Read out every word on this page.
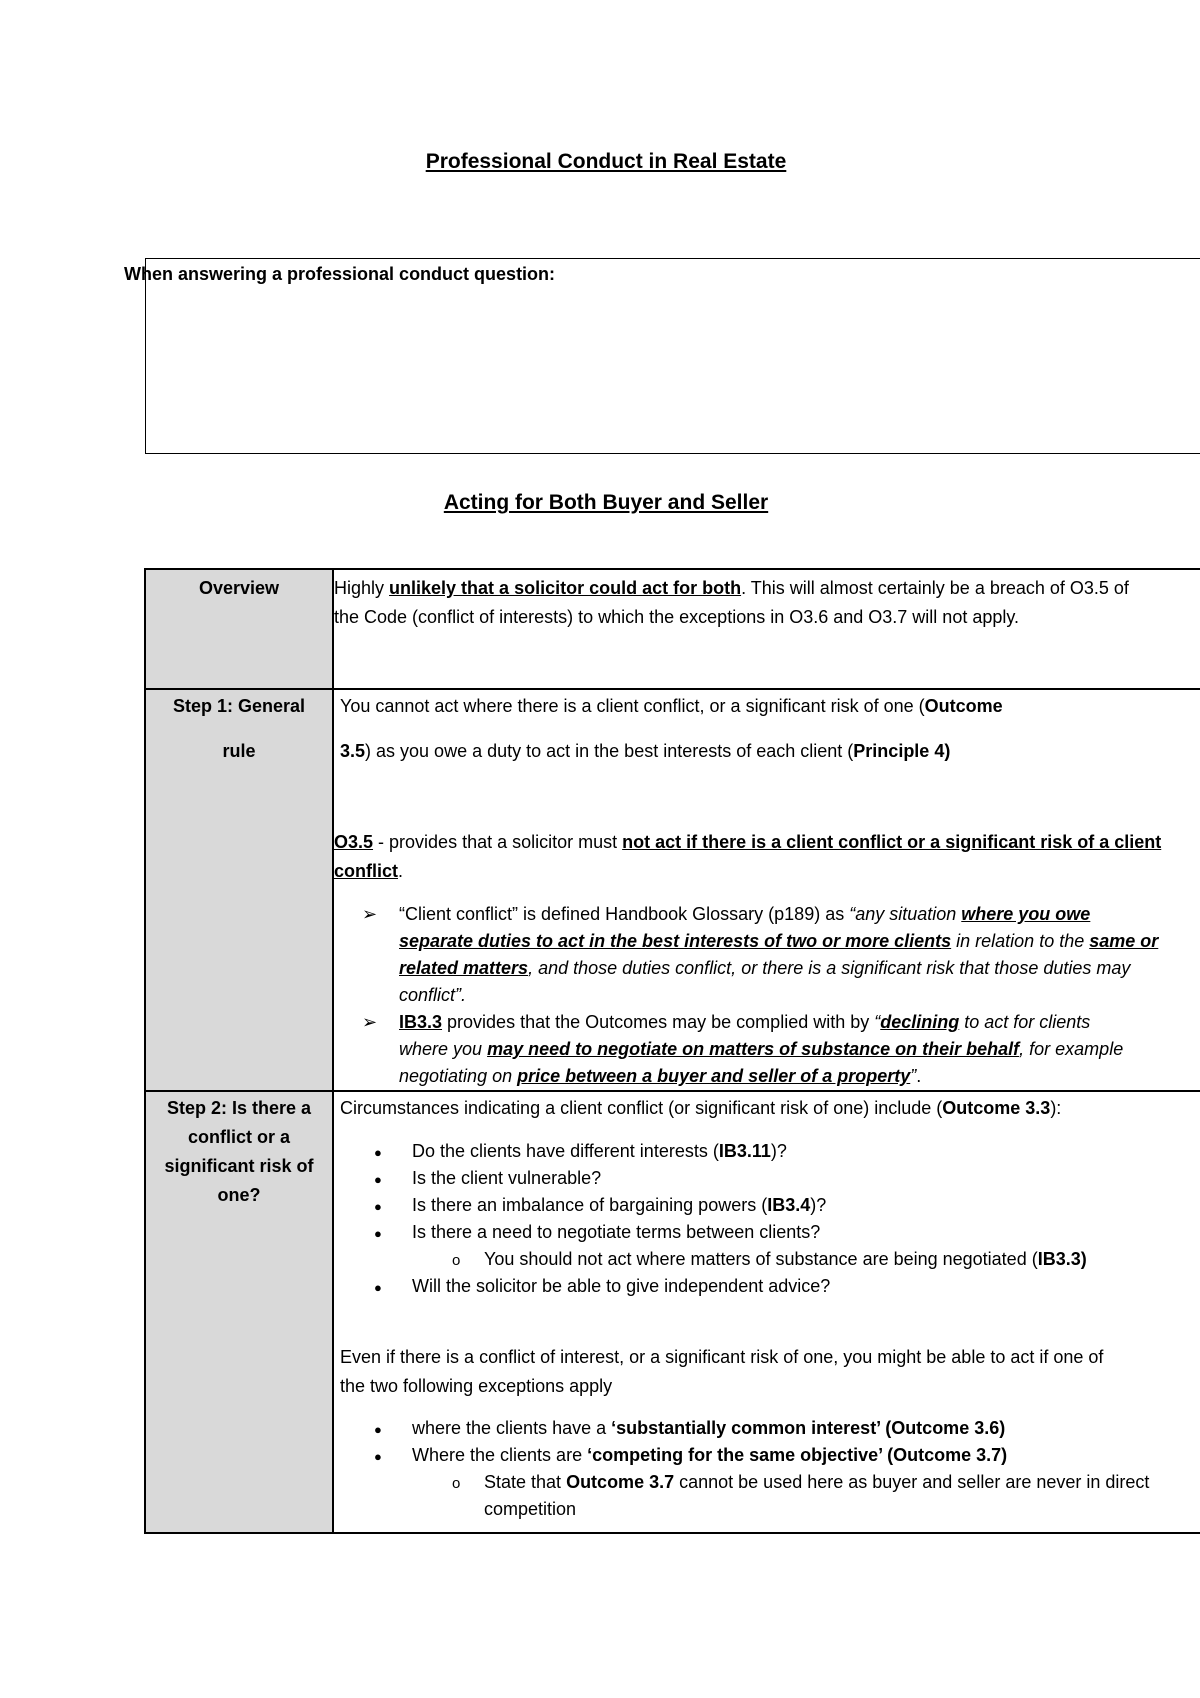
Professional Conduct in Real Estate
When answering a professional conduct question:
Acting for Both Buyer and Seller
Overview	Highly unlikely that a solicitor could act for both. This will almost certainly be a breach of O3.5 of
the Code (conflict of interests) to which the exceptions in O3.6 and O3.7 will not apply.
Step 1: General
rule
You cannot act where there is a client conflict, or a significant risk of one (Outcome
3.5) as you owe a duty to act in the best interests of each client (Principle 4)
O3.5 - provides that a solicitor must not act if there is a client conflict or a significant risk of a client
conflict.
➢ “Client conflict” is defined Handbook Glossary (p189) as “any situation where you owe
separate duties to act in the best interests of two or more clients in relation to the same or
related matters, and those duties conflict, or there is a significant risk that those duties may
conflict”.
➢ IB3.3 provides that the Outcomes may be complied with by “declining to act for clients
where you may need to negotiate on matters of substance on their behalf, for example
negotiating on price between a buyer and seller of a property”.
Step 2: Is there a
conflict or a
significant risk of
one?
Circumstances indicating a client conflict (or significant risk of one) include (Outcome 3.3):
● Do the clients have different interests (IB3.11)?
● Is the client vulnerable?
● Is there an imbalance of bargaining powers (IB3.4)?
● Is there a need to negotiate terms between clients?
o You should not act where matters of substance are being negotiated (IB3.3)
● Will the solicitor be able to give independent advice?
Even if there is a conflict of interest, or a significant risk of one, you might be able to act if one of
the two following exceptions apply
● where the clients have a ‘substantially common interest’ (Outcome 3.6)
● Where the clients are ‘competing for the same objective’ (Outcome 3.7)
o State that Outcome 3.7 cannot be used here as buyer and seller are never in direct
competition
